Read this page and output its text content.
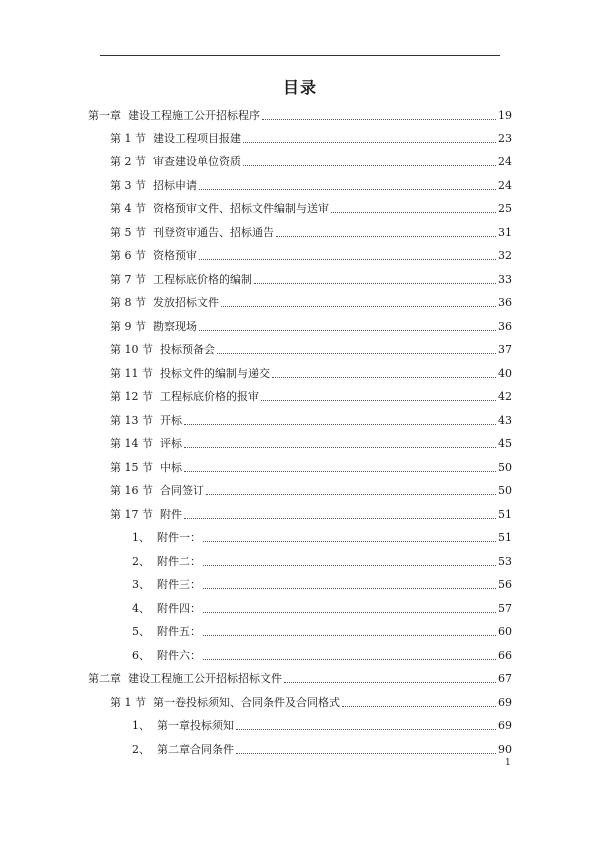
目录
第一章 建设工程施工公开招标程序	19
第 1 节 建设工程项目报建	23
第 2 节 审查建设单位资质	24
第 3 节 招标申请	24
第 4 节 资格预审文件、招标文件编制与送审	25
第 5 节 刊登资审通告、招标通告	31
第 6 节 资格预审	32
第 7 节 工程标底价格的编制	33
第 8 节 发放招标文件	36
第 9 节 勘察现场	36
第 10 节 投标预备会	37
第 11 节 投标文件的编制与递交	40
第 12 节 工程标底价格的报审	42
第 13 节 开标	43
第 14 节 评标	45
第 15 节 中标	50
第 16 节 合同签订	50
第 17 节 附件	51
1、 附件一：	51
2、 附件二：	53
3、 附件三：	56
4、 附件四：	57
5、 附件五：	60
6、 附件六：	66
第二章 建设工程施工公开招标招标文件	67
第 1 节 第一卷投标须知、合同条件及合同格式	69
1、 第一章投标须知	69
2、 第二章合同条件	90
1
